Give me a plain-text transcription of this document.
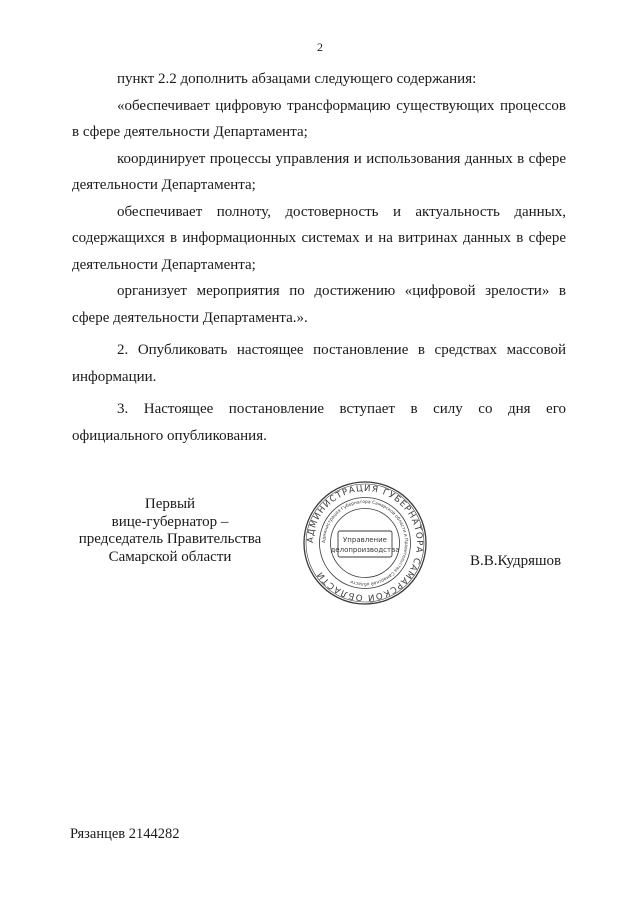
2

пункт 2.2 дополнить абзацами следующего содержания:

«обеспечивает цифровую трансформацию существующих процессов в сфере деятельности Департамента;

координирует процессы управления и использования данных в сфере деятельности Департамента;

обеспечивает полноту, достоверность и актуальность данных, содержащихся в информационных системах и на витринах данных в сфере деятельности Департамента;

организует мероприятия по достижению «цифровой зрелости» в сфере деятельности Департамента.».

2. Опубликовать настоящее постановление в средствах массовой информации.

3. Настоящее постановление вступает в силу со дня его официального опубликования.

Первый
вице-губернатор –
председатель Правительства
Самарской области
АДМИНИСТРАЦИЯ ГУБЕРНАТОРА САМАРСКОЙ ОБЛАСТИ
Администрация Губернатора Самарской области и Правительства Самарской области
Управление
делопроизводства
В.В.Кудряшов
Рязанцев 2144282
